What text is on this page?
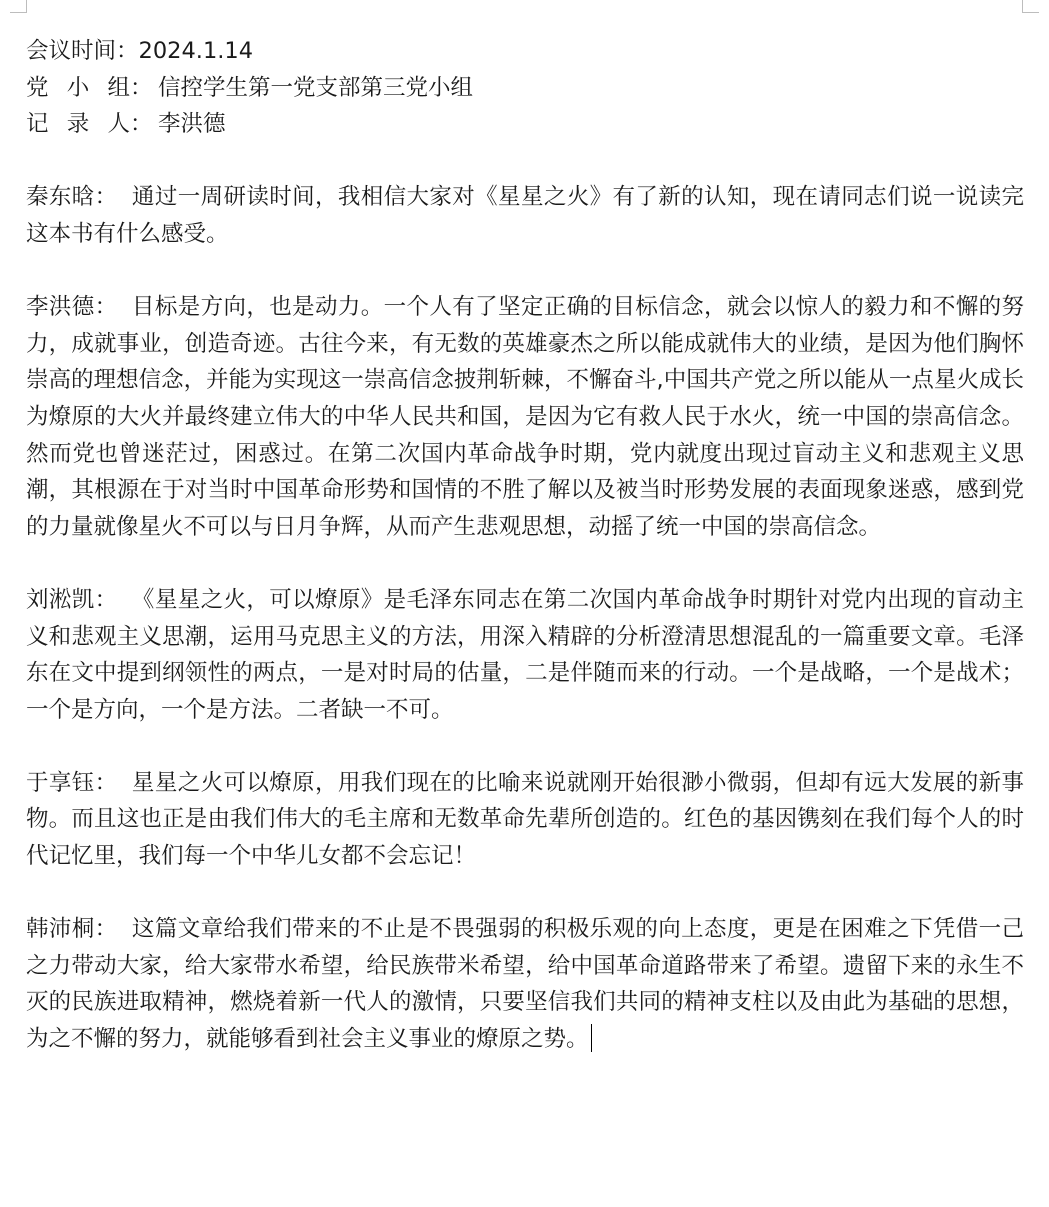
会议时间 ： 2024.1.14
党小组 ： 信控学生第一党支部第三党小组
记录人 ： 李洪德

秦东晗： 通过一周研读时间，我相信大家对《星星之火》有了新的认知，现在请同志们说一说读完这本书有什么感受。

李洪德： 目标是方向，也是动力。一个人有了坚定正确的目标信念，就会以惊人的毅力和不懈的努力，成就事业，创造奇迹。古往今来，有无数的英雄豪杰之所以能成就伟大的业绩，是因为他们胸怀崇高的理想信念，并能为实现这一崇高信念披荆斩棘，不懈奋斗,中国共产党之所以能从一点星火成长为燎原的大火并最终建立伟大的中华人民共和国，是因为它有救人民于水火，统一中国的崇高信念。然而党也曾迷茫过，困惑过。在第二次国内革命战争时期，党内就度出现过盲动主义和悲观主义思潮，其根源在于对当时中国革命形势和国情的不胜了解以及被当时形势发展的表面现象迷惑，感到党的力量就像星火不可以与日月争辉，从而产生悲观思想，动摇了统一中国的崇高信念。

刘淞凯： 《星星之火，可以燎原》是毛泽东同志在第二次国内革命战争时期针对党内出现的盲动主义和悲观主义思潮，运用马克思主义的方法，用深入精辟的分析澄清思想混乱的一篇重要文章。毛泽东在文中提到纲领性的两点，一是对时局的估量，二是伴随而来的行动。一个是战略，一个是战术；一个是方向，一个是方法。二者缺一不可。

于享钰： 星星之火可以燎原，用我们现在的比喻来说就刚开始很渺小微弱，但却有远大发展的新事物。而且这也正是由我们伟大的毛主席和无数革命先辈所创造的。红色的基因镌刻在我们每个人的时代记忆里，我们每一个中华儿女都不会忘记！

韩沛桐： 这篇文章给我们带来的不止是不畏强弱的积极乐观的向上态度，更是在困难之下凭借一己之力带动大家，给大家带水希望，给民族带米希望，给中国革命道路带来了希望。遗留下来的永生不灭的民族进取精神，燃烧着新一代人的激情，只要坚信我们共同的精神支柱以及由此为基础的思想，为之不懈的努力，就能够看到社会主义事业的燎原之势。
